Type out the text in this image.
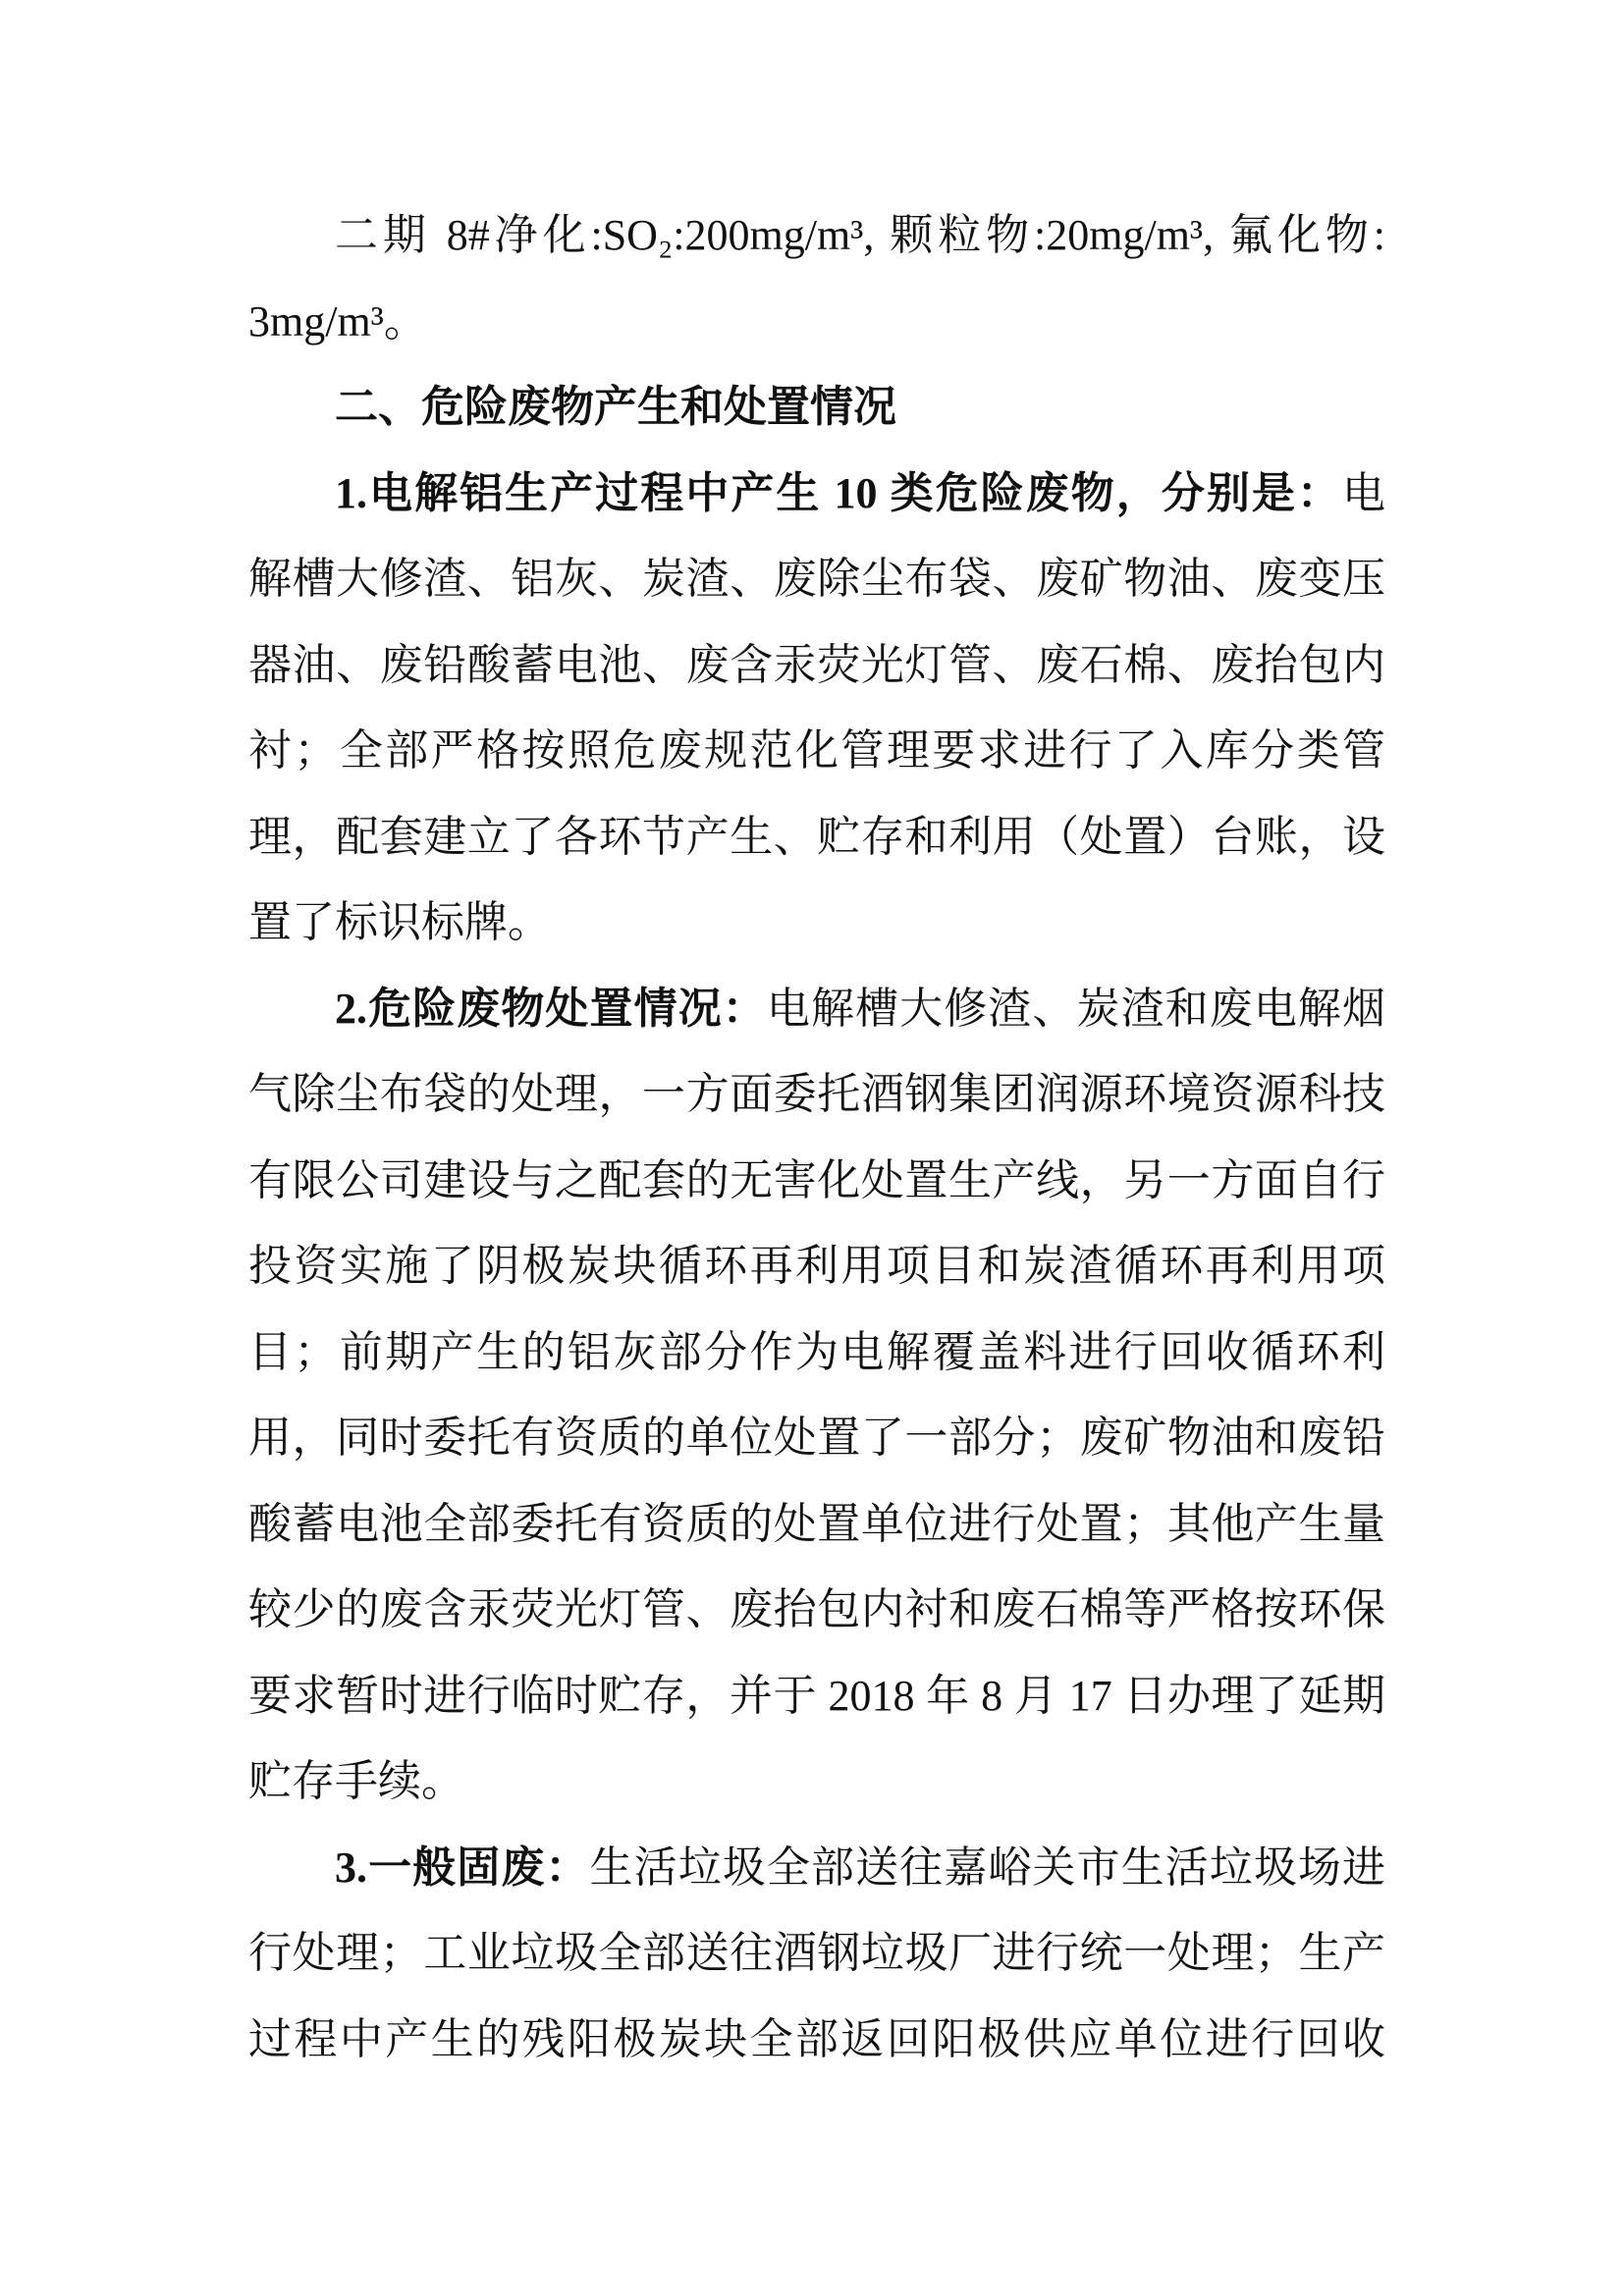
二期 8#净化:SO₂:200mg/m³, 颗粒物:20mg/m³, 氟化物:
3mg/m³。
二、危险废物产生和处置情况
1.电解铝生产过程中产生 10 类危险废物，分别是：电
解槽大修渣、铝灰、炭渣、废除尘布袋、废矿物油、废变压
器油、废铅酸蓄电池、废含汞荧光灯管、废石棉、废抬包内
衬；全部严格按照危废规范化管理要求进行了入库分类管
理，配套建立了各环节产生、贮存和利用（处置）台账，设
置了标识标牌。
2.危险废物处置情况：电解槽大修渣、炭渣和废电解烟
气除尘布袋的处理，一方面委托酒钢集团润源环境资源科技
有限公司建设与之配套的无害化处置生产线，另一方面自行
投资实施了阴极炭块循环再利用项目和炭渣循环再利用项
目；前期产生的铝灰部分作为电解覆盖料进行回收循环利
用，同时委托有资质的单位处置了一部分；废矿物油和废铅
酸蓄电池全部委托有资质的处置单位进行处置；其他产生量
较少的废含汞荧光灯管、废抬包内衬和废石棉等严格按环保
要求暂时进行临时贮存，并于 2018 年 8 月 17 日办理了延期
贮存手续。
3.一般固废：生活垃圾全部送往嘉峪关市生活垃圾场进
行处理；工业垃圾全部送往酒钢垃圾厂进行统一处理；生产
过程中产生的残阳极炭块全部返回阳极供应单位进行回收
